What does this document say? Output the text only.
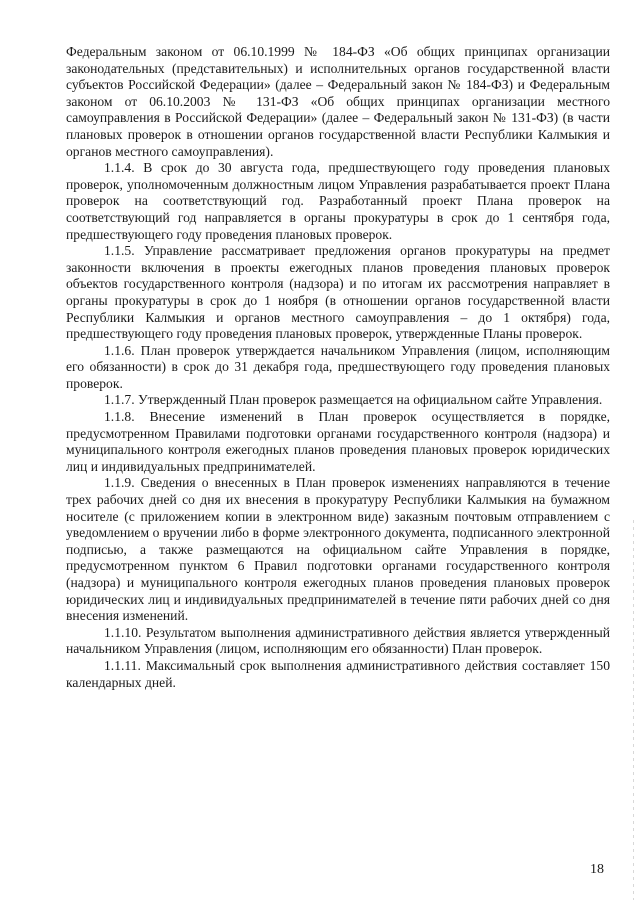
Федеральным законом от 06.10.1999 № 184-ФЗ «Об общих принципах организации законодательных (представительных) и исполнительных органов государственной власти субъектов Российской Федерации» (далее – Федеральный закон № 184-ФЗ) и Федеральным законом от 06.10.2003 № 131-ФЗ «Об общих принципах организации местного самоуправления в Российской Федерации» (далее – Федеральный закон № 131-ФЗ) (в части плановых проверок в отношении органов государственной власти Республики Калмыкия и органов местного самоуправления).

1.1.4. В срок до 30 августа года, предшествующего году проведения плановых проверок, уполномоченным должностным лицом Управления разрабатывается проект Плана проверок на соответствующий год. Разработанный проект Плана проверок на соответствующий год направляется в органы прокуратуры в срок до 1 сентября года, предшествующего году проведения плановых проверок.

1.1.5. Управление рассматривает предложения органов прокуратуры на предмет законности включения в проекты ежегодных планов проведения плановых проверок объектов государственного контроля (надзора) и по итогам их рассмотрения направляет в органы прокуратуры в срок до 1 ноября (в отношении органов государственной власти Республики Калмыкия и органов местного самоуправления – до 1 октября) года, предшествующего году проведения плановых проверок, утвержденные Планы проверок.

1.1.6. План проверок утверждается начальником Управления (лицом, исполняющим его обязанности) в срок до 31 декабря года, предшествующего году проведения плановых проверок.

1.1.7. Утвержденный План проверок размещается на официальном сайте Управления.

1.1.8. Внесение изменений в План проверок осуществляется в порядке, предусмотренном Правилами подготовки органами государственного контроля (надзора) и муниципального контроля ежегодных планов проведения плановых проверок юридических лиц и индивидуальных предпринимателей.

1.1.9. Сведения о внесенных в План проверок изменениях направляются в течение трех рабочих дней со дня их внесения в прокуратуру Республики Калмыкия на бумажном носителе (с приложением копии в электронном виде) заказным почтовым отправлением с уведомлением о вручении либо в форме электронного документа, подписанного электронной подписью, а также размещаются на официальном сайте Управления в порядке, предусмотренном пунктом 6 Правил подготовки органами государственного контроля (надзора) и муниципального контроля ежегодных планов проведения плановых проверок юридических лиц и индивидуальных предпринимателей в течение пяти рабочих дней со дня внесения изменений.

1.1.10. Результатом выполнения административного действия является утвержденный начальником Управления (лицом, исполняющим его обязанности) План проверок.

1.1.11. Максимальный срок выполнения административного действия составляет 150 календарных дней.

18
